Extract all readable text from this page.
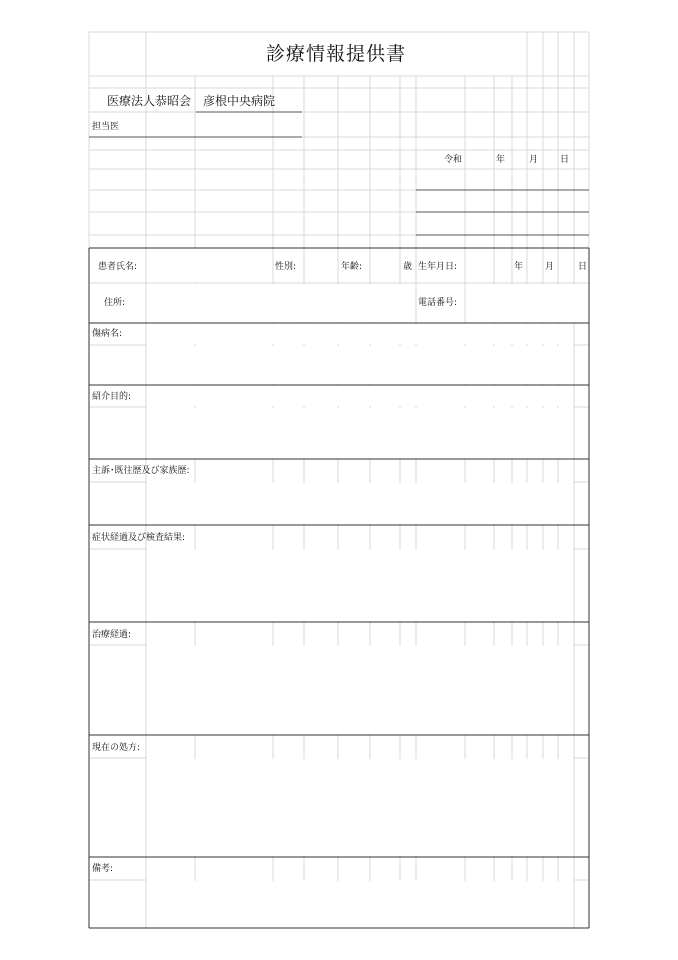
診療情報提供書
医療法人恭昭会　彦根中央病院
担当医
令和	年	月 日
患者氏名:	性別:	年齢:	歳 生年月日:	年 月	日
住所:	電話番号:
傷病名:
紹介目的:
主訴･既往歴及び家族歴:
症状経過及び検査結果:
治療経過:
現在の処方:
備考:
